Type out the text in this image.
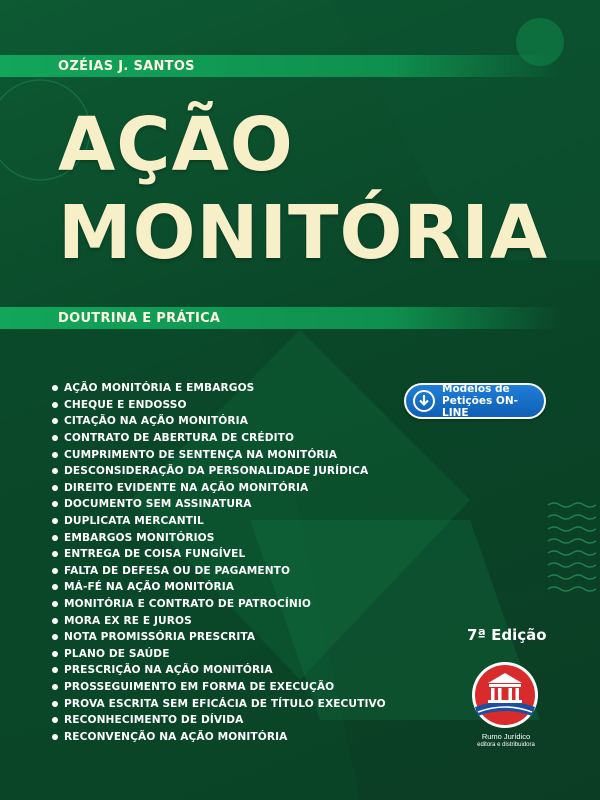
OZÉIAS J. SANTOS
AÇÃO
MONITÓRIA
DOUTRINA E PRÁTICA
AÇÃO MONITÓRIA E EMBARGOS
CHEQUE E ENDOSSO
CITAÇÃO NA AÇÃO MONITÓRIA
CONTRATO DE ABERTURA DE CRÉDITO
CUMPRIMENTO DE SENTENÇA NA MONITÓRIA
DESCONSIDERAÇÃO DA PERSONALIDADE JURÍDICA
DIREITO EVIDENTE NA AÇÃO MONITÓRIA
DOCUMENTO SEM ASSINATURA
DUPLICATA MERCANTIL
EMBARGOS MONITÓRIOS
ENTREGA DE COISA FUNGÍVEL
FALTA DE DEFESA OU DE PAGAMENTO
MÁ-FÉ NA AÇÃO MONITÓRIA
MONITÓRIA E CONTRATO DE PATROCÍNIO
MORA EX RE E JUROS
NOTA PROMISSÓRIA PRESCRITA
PLANO DE SAÚDE
PRESCRIÇÃO NA AÇÃO MONITÓRIA
PROSSEGUIMENTO EM FORMA DE EXECUÇÃO
PROVA ESCRITA SEM EFICÁCIA DE TÍTULO EXECUTIVO
RECONHECIMENTO DE DÍVIDA
RECONVENÇÃO NA AÇÃO MONITÓRIA
Modelos de
Petições ON-LINE
7ª Edição
Rumo Jurídico
editora e distribuidora
